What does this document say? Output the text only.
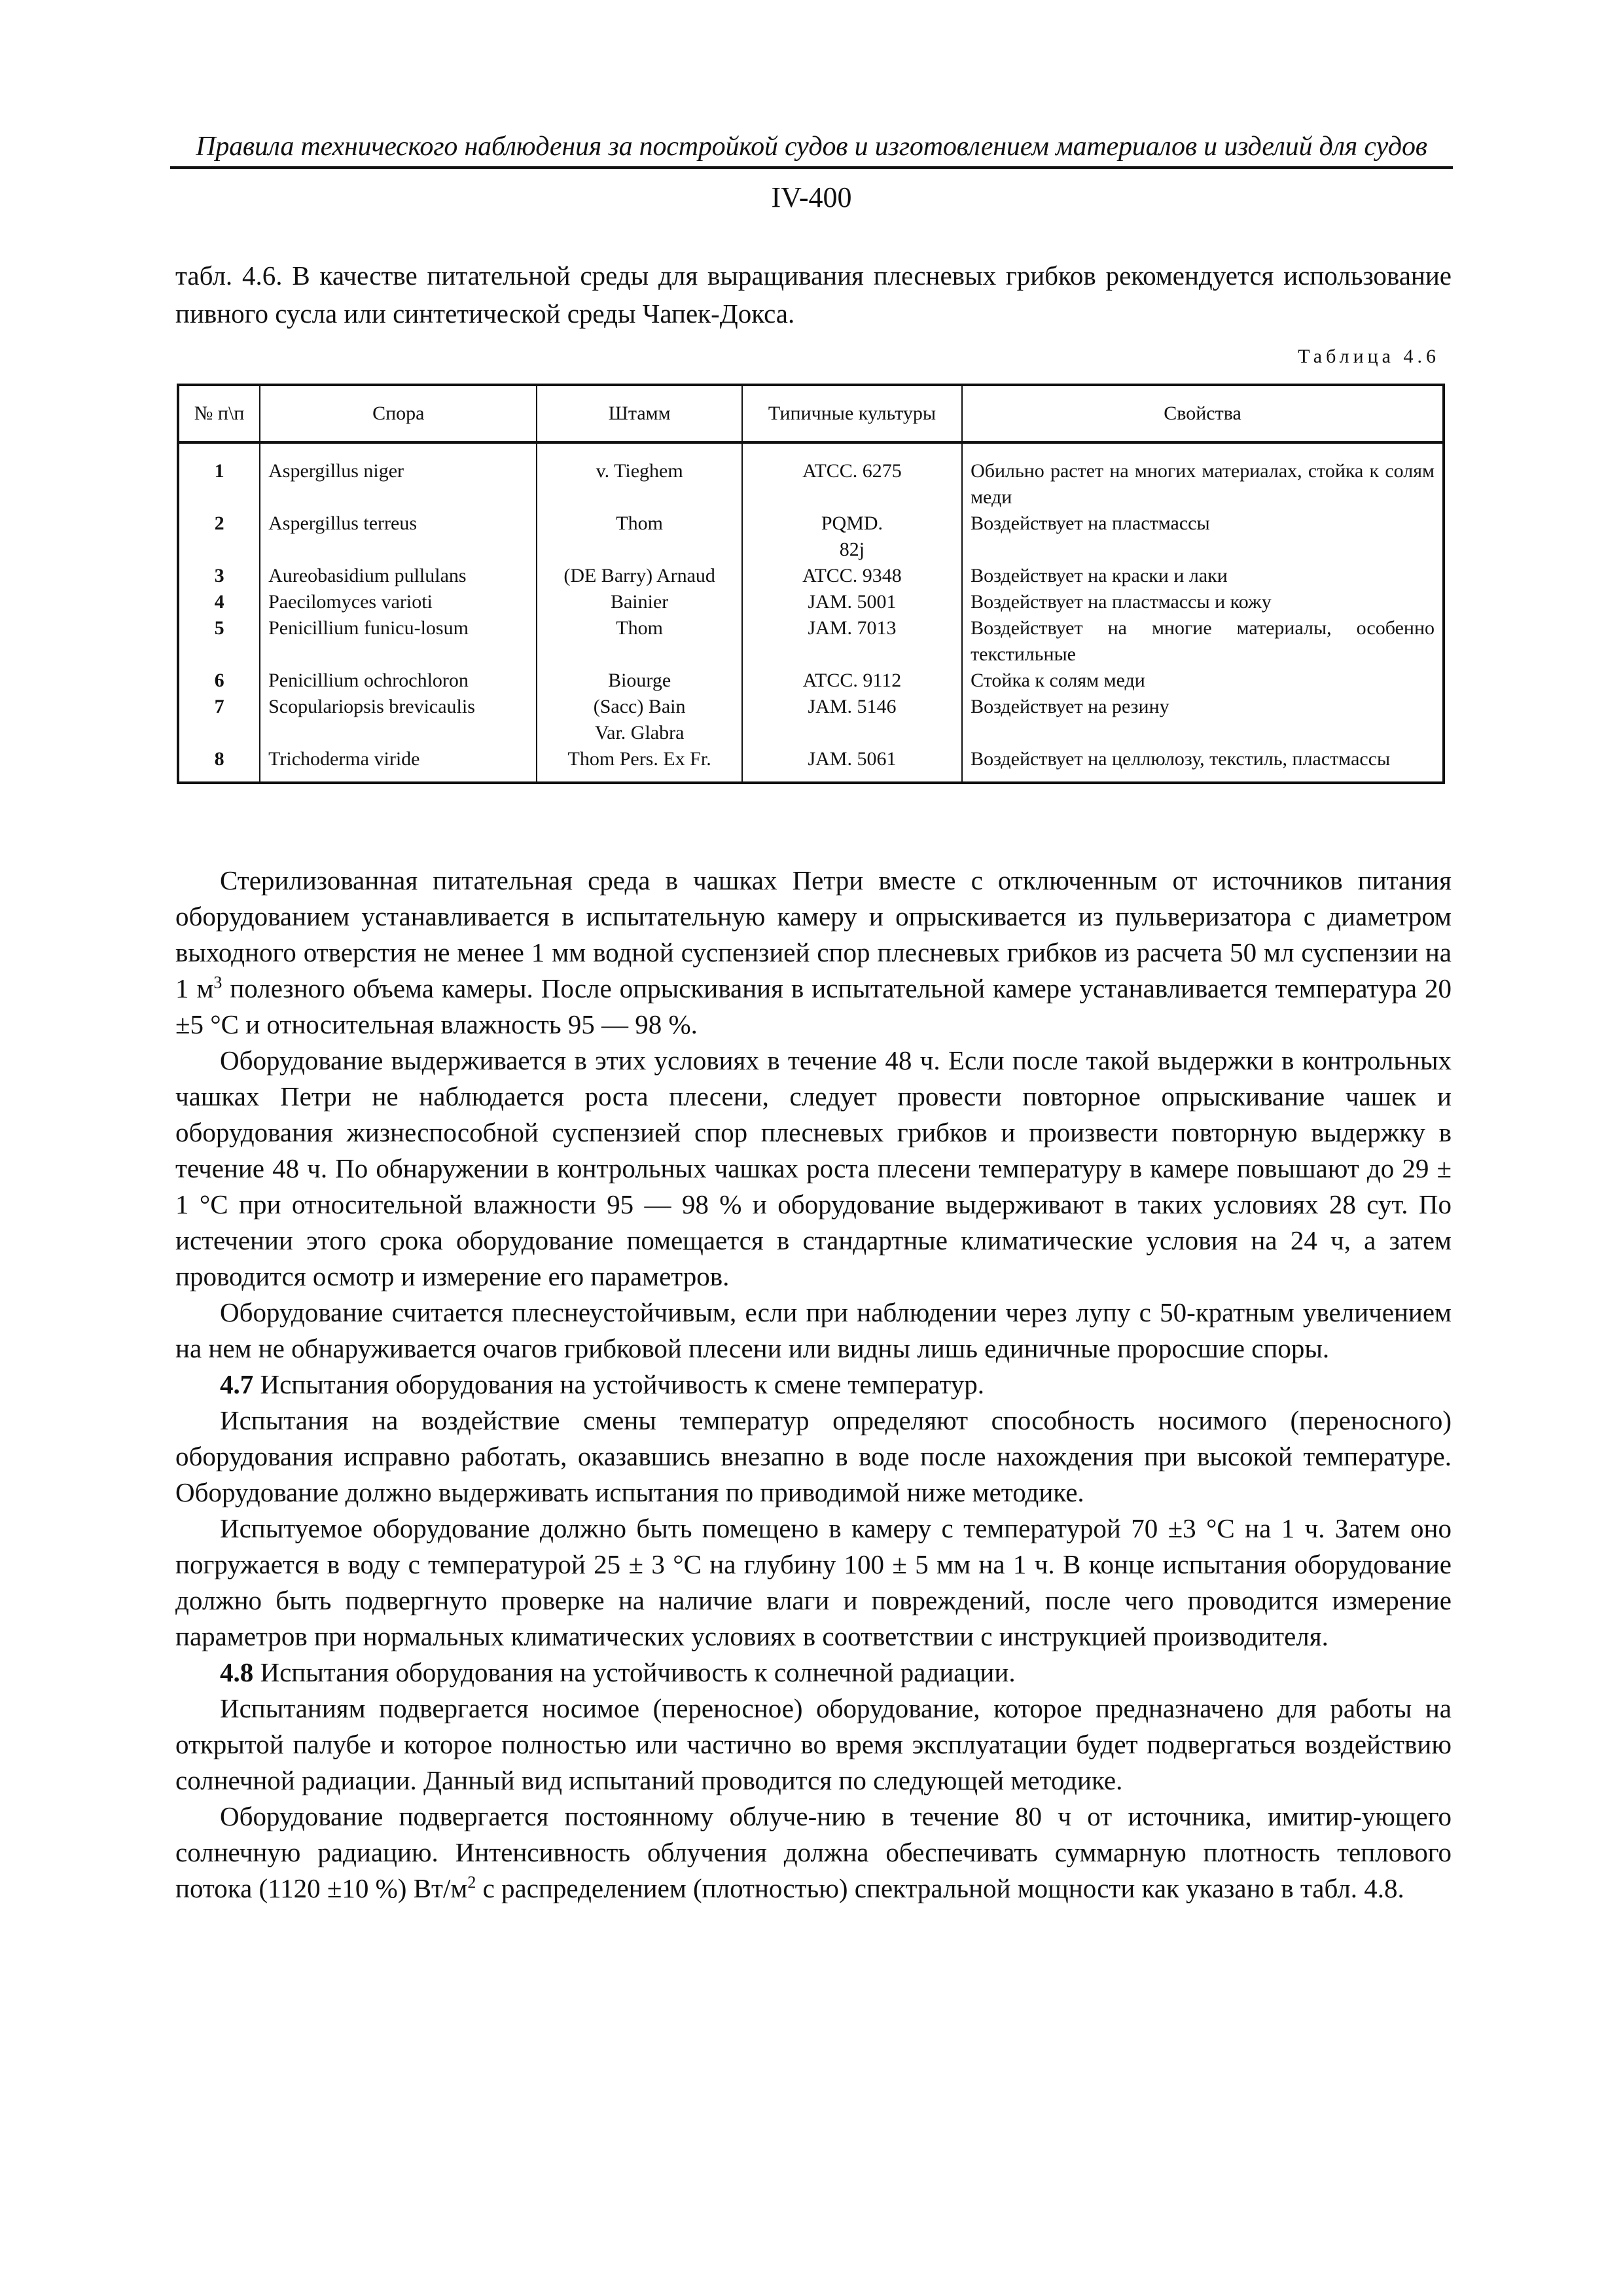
Правила технического наблюдения за постройкой судов и изготовлением материалов и изделий для судов
IV-400
табл. 4.6. В качестве питательной среды для выращивания плесневых грибков рекомендуется использование пивного сусла или синтетической среды Чапек-Докса.
Таблица 4.6
№ п\п	Спора	Штамм	Типичные культуры	Свойства
1	Aspergillus niger	v. Tieghem	ATCC. 6275	Обильно растет на многих материалах, стойка к солям меди
2	Aspergillus terreus	Thom	PQMD. 82j	Воздействует на пластмассы
3	Aureobasidium pullulans	(DE Barry) Arnaud	ATCC. 9348	Воздействует на краски и лаки
4	Paecilomyces varioti	Bainier	JAM. 5001	Воздействует на пластмассы и кожу
5	Penicillium funicu-losum	Thom	JAM. 7013	Воздействует на многие материалы, особенно текстильные
6	Penicillium ochrochloron	Biourge	ATCC. 9112	Стойка к солям меди
7	Scopulariopsis brevicaulis	(Sacc) Bain Var. Glabra	JAM. 5146	Воздействует на резину
8	Trichoderma viride	Thom Pers. Ex Fr.	JAM. 5061	Воздействует на целлюлозу, текстиль, пластмассы

Стерилизованная питательная среда в чашках Петри вместе с отключенным от источников питания оборудованием устанавливается в испытательную камеру и опрыскивается из пульверизатора с диаметром выходного отверстия не менее 1 мм водной суспензией спор плесневых грибков из расчета 50 мл суспензии на 1 $м^3$ полезного объема камеры. После опрыскивания в испытательной камере устанавливается температура 20 ±5 °С и относительная влажность 95 — 98 %.

Оборудование выдерживается в этих условиях в течение 48 ч. Если после такой выдержки в контрольных чашках Петри не наблюдается роста плесени, следует провести повторное опрыскивание чашек и оборудования жизнеспособной суспензией спор плесневых грибков и произвести повторную выдержку в течение 48 ч. По обнаружении в контрольных чашках роста плесени температуру в камере повышают до 29 ± 1 °С при относительной влажности 95 — 98 % и оборудование выдерживают в таких условиях 28 сут. По истечении этого срока оборудование помещается в стандартные климатические условия на 24 ч, а затем проводится осмотр и измерение его параметров.

Оборудование считается плеснеустойчивым, если при наблюдении через лупу с 50-кратным увеличением на нем не обнаруживается очагов грибковой плесени или видны лишь единичные проросшие споры.

4.7 Испытания оборудования на устойчивость к смене температур.

Испытания на воздействие смены температур определяют способность носимого (переносного) оборудования исправно работать, оказавшись внезапно в воде после нахождения при высокой температуре. Оборудование должно выдерживать испытания по приводимой ниже методике.

Испытуемое оборудование должно быть помещено в камеру с температурой 70 ±3 °С на 1 ч. Затем оно погружается в воду с температурой 25 ± 3 °С на глубину 100 ± 5 мм на 1 ч. В конце испытания оборудование должно быть подвергнуто проверке на наличие влаги и повреждений, после чего проводится измерение параметров при нормальных климатических условиях в соответствии с инструкцией производителя.

4.8 Испытания оборудования на устойчивость к солнечной радиации.

Испытаниям подвергается носимое (переносное) оборудование, которое предназначено для работы на открытой палубе и которое полностью или частично во время эксплуатации будет подвергаться воздействию солнечной радиации. Данный вид испытаний проводится по следующей методике.

Оборудование подвергается постоянному облуче-нию в течение 80 ч от источника, имитир-ующего солнечную радиацию. Интенсивность облучения должна обеспечивать суммарную плотность теплового потока (1120 ±10 %) $Вт/м^2$ с распределением (плотностью) спектральной мощности как указано в табл. 4.8.
